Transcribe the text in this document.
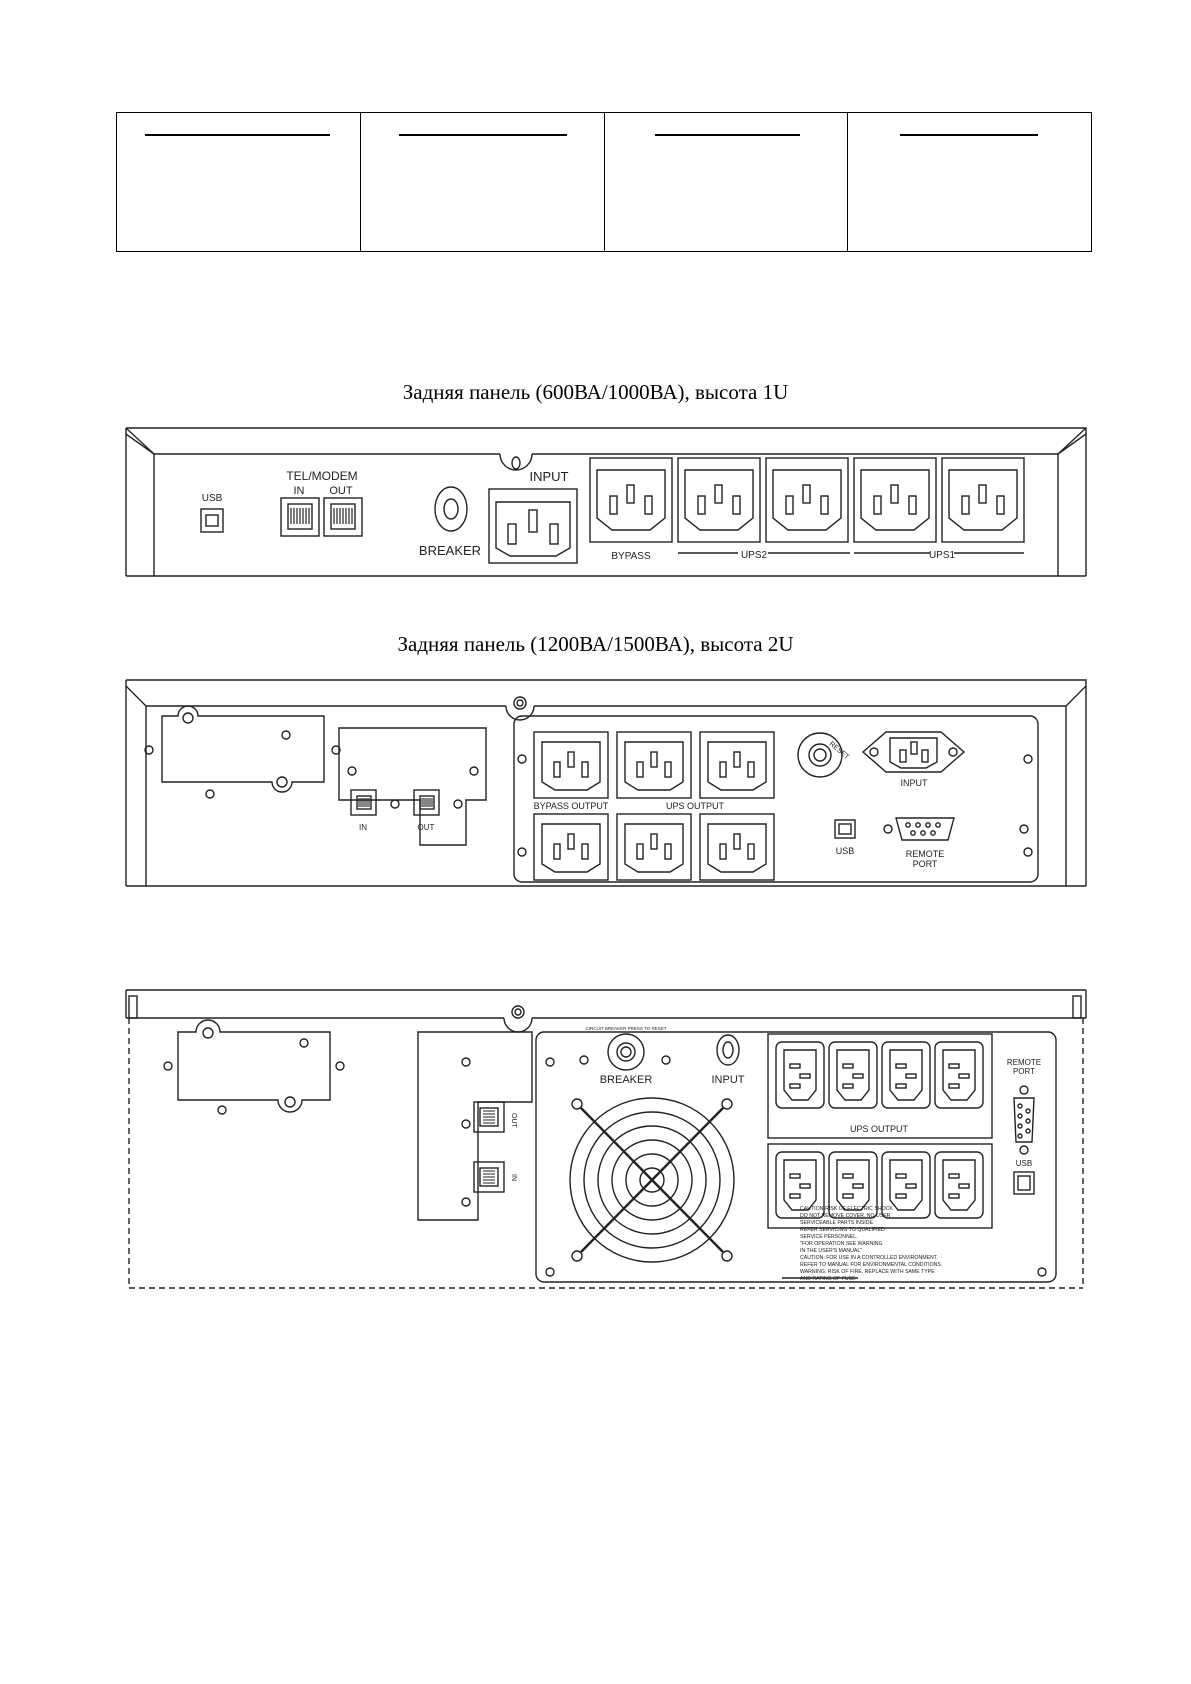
Задняя панель (600ВА/1000ВА), высота 1U
USB
TEL/MODEM
IN OUT
BREAKER
INPUT
BYPASS	UPS2	UPS1
Задняя панель (1200ВА/1500ВА), высота 2U
IN	OUT
BYPASS OUTPUT	UPS OUTPUT
RESET
INPUT
USB	REMOTE
PORT
BREAKER	INPUT
UPS OUTPUT
REMOTE
PORT
USB
OUT
IN
CIRCUIT BREAKER PRESS TO RESET
CAUTION-RISK OF ELECTRIC SHOCK
DO NOT REMOVE COVER. NO USER
SERVICEABLE PARTS INSIDE.
REFER SERVICING TO QUALIFIED
SERVICE PERSONNEL.
"FOR OPERATION SEE WARNING
IN THE USER'S MANUAL"
CAUTION: FOR USE IN A CONTROLLED ENVIRONMENT.
REFER TO MANUAL FOR ENVIRONMENTAL CONDITIONS.
WARNING: RISK OF FIRE, REPLACE WITH SAME TYPE
AND RATING OF FUSE
